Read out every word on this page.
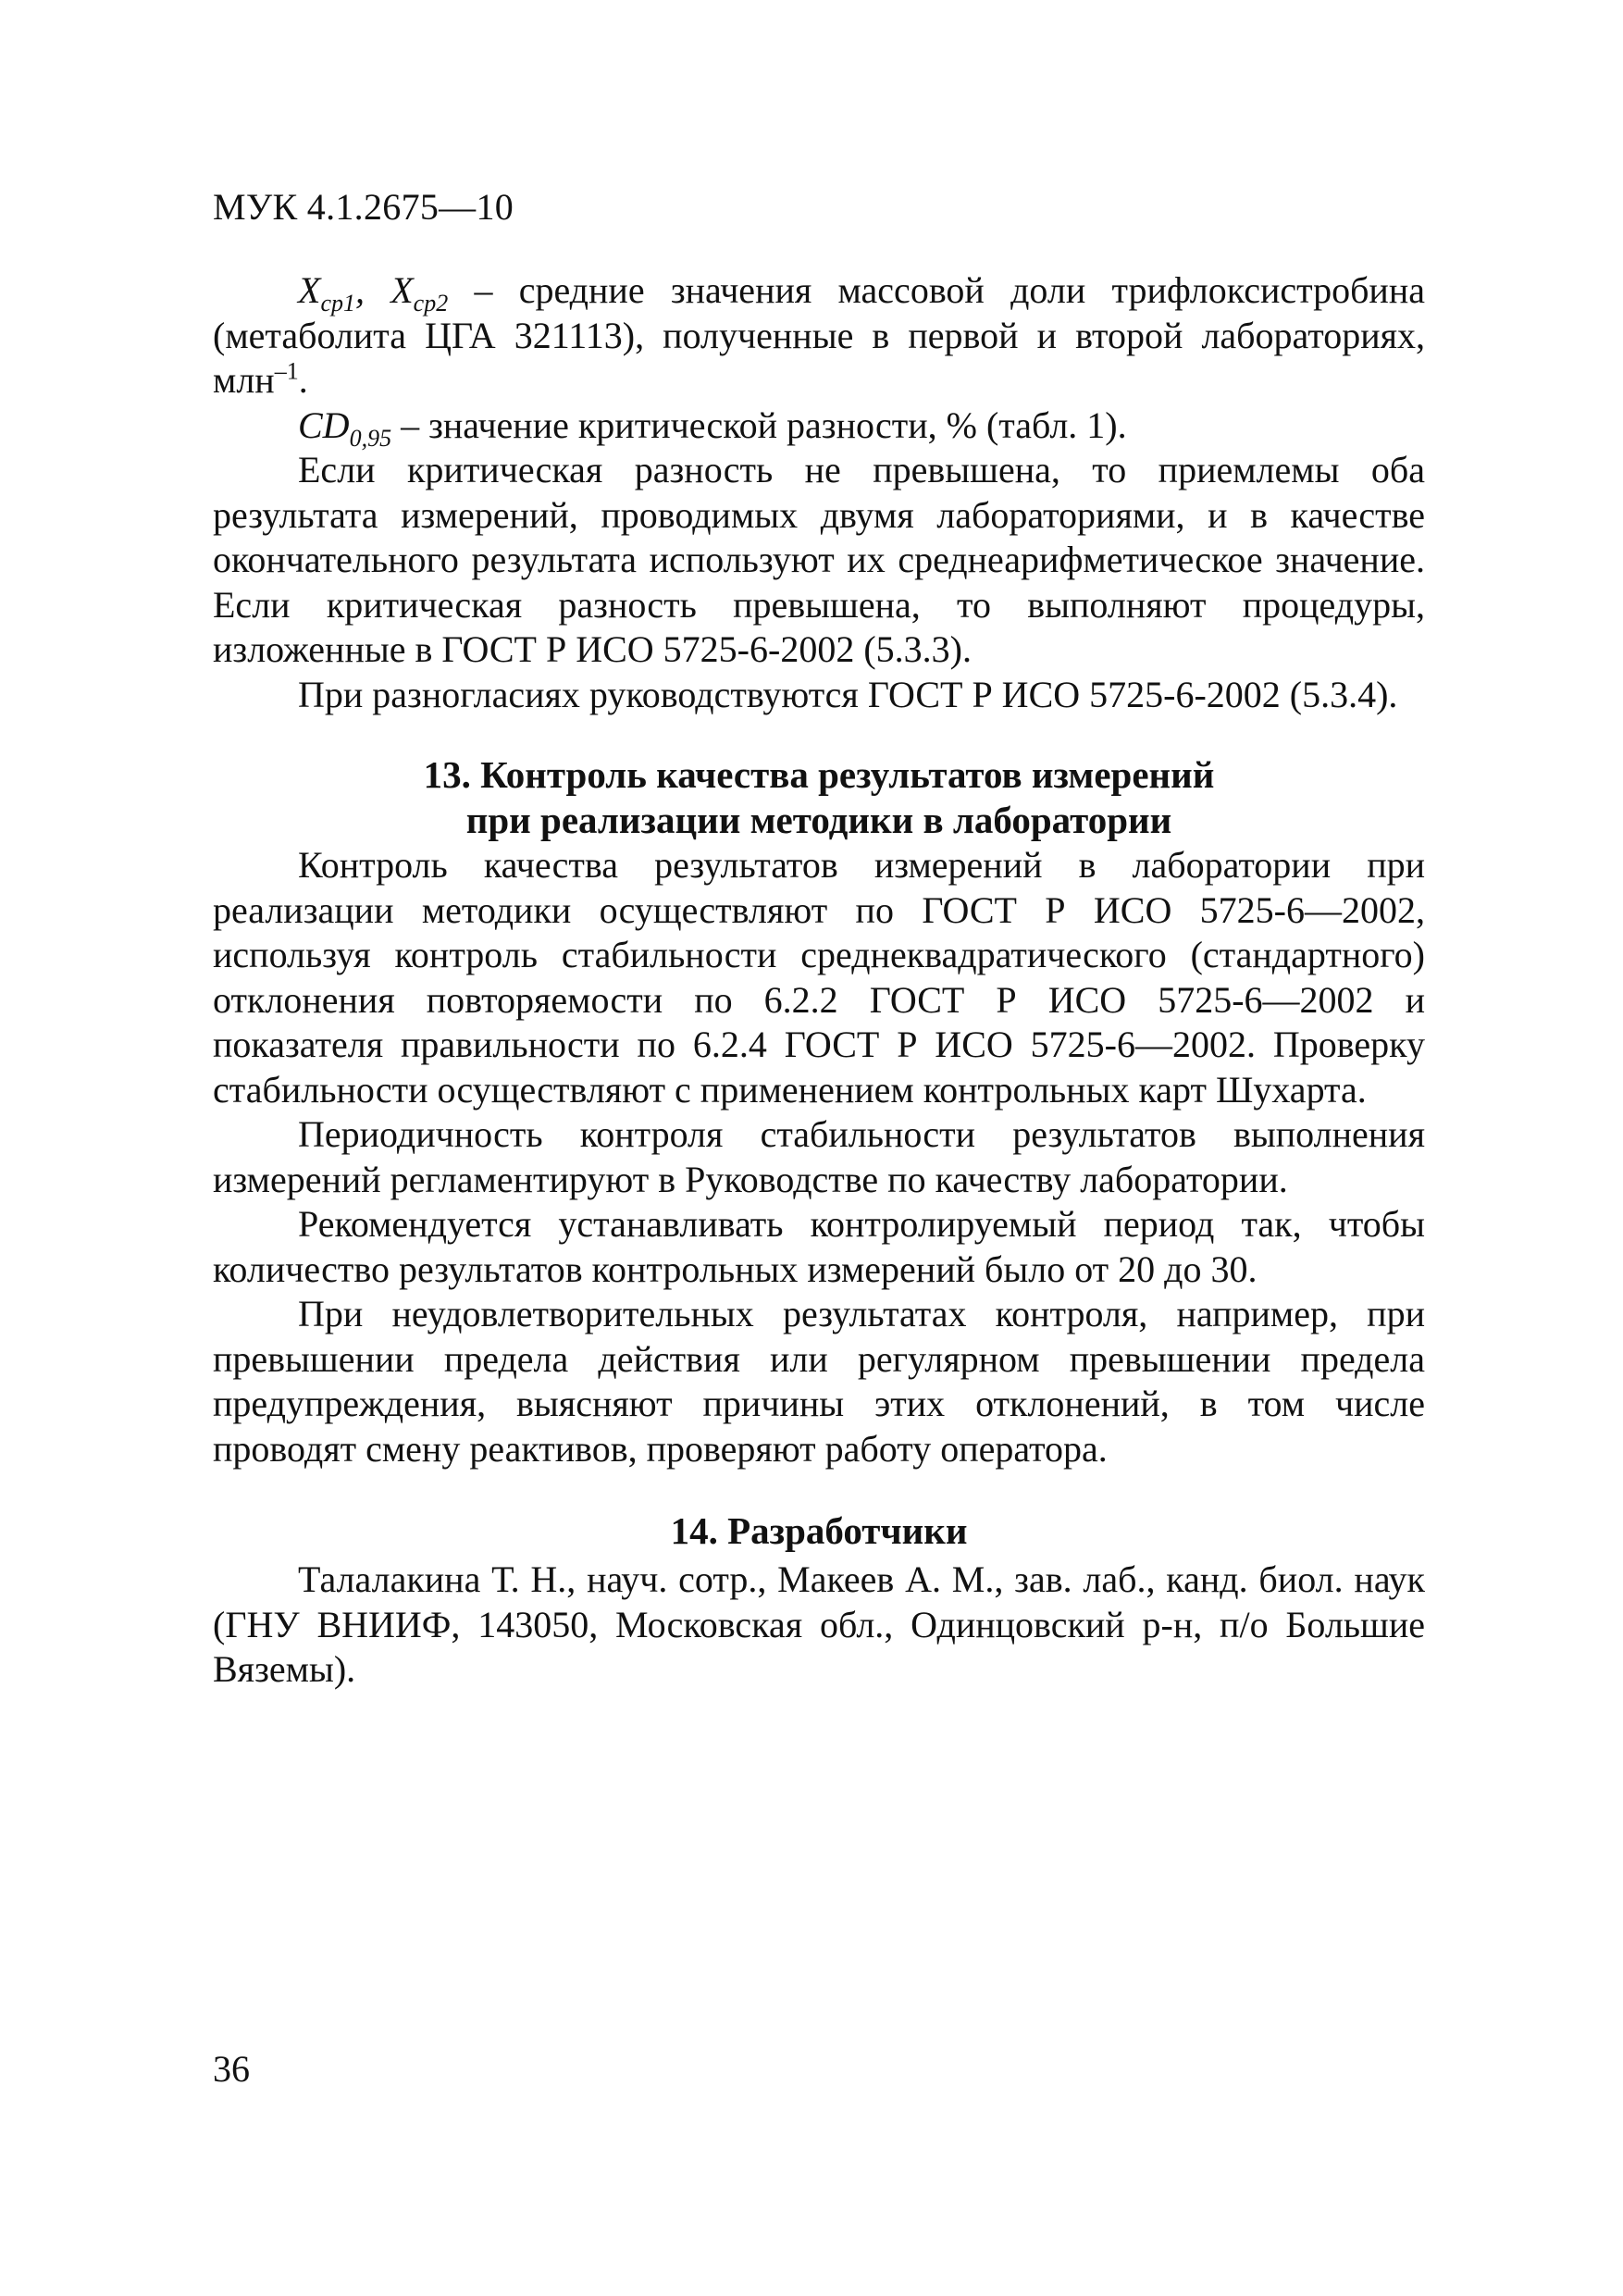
МУК 4.1.2675—10

$X_{ср1}$, $X_{ср2}$ – средние значения массовой доли трифлоксистробина (метаболита ЦГА 321113), полученные в первой и второй лабораториях, млн$^{-1}$.

$CD_{0,95}$ – значение критической разности, % (табл. 1).

Если критическая разность не превышена, то приемлемы оба результата измерений, проводимых двумя лабораториями, и в качестве окончательного результата используют их среднеарифметическое значение. Если критическая разность превышена, то выполняют процедуры, изложенные в ГОСТ Р ИСО 5725-6-2002 (5.3.3).

При разногласиях руководствуются ГОСТ Р ИСО 5725-6-2002 (5.3.4).

13. Контроль качества результатов измерений
при реализации методики в лаборатории

Контроль качества результатов измерений в лаборатории при реализации методики осуществляют по ГОСТ Р ИСО 5725-6—2002, используя контроль стабильности среднеквадратического (стандартного) отклонения повторяемости по 6.2.2 ГОСТ Р ИСО 5725-6—2002 и показателя правильности по 6.2.4 ГОСТ Р ИСО 5725-6—2002. Проверку стабильности осуществляют с применением контрольных карт Шухарта.

Периодичность контроля стабильности результатов выполнения измерений регламентируют в Руководстве по качеству лаборатории.

Рекомендуется устанавливать контролируемый период так, чтобы количество результатов контрольных измерений было от 20 до 30.

При неудовлетворительных результатах контроля, например, при превышении предела действия или регулярном превышении предела предупреждения, выясняют причины этих отклонений, в том числе проводят смену реактивов, проверяют работу оператора.

14. Разработчики

Талалакина Т. Н., науч. сотр., Макеев А. М., зав. лаб., канд. биол. наук (ГНУ ВНИИФ, 143050, Московская обл., Одинцовский р-н, п/о Большие Вяземы).

36
